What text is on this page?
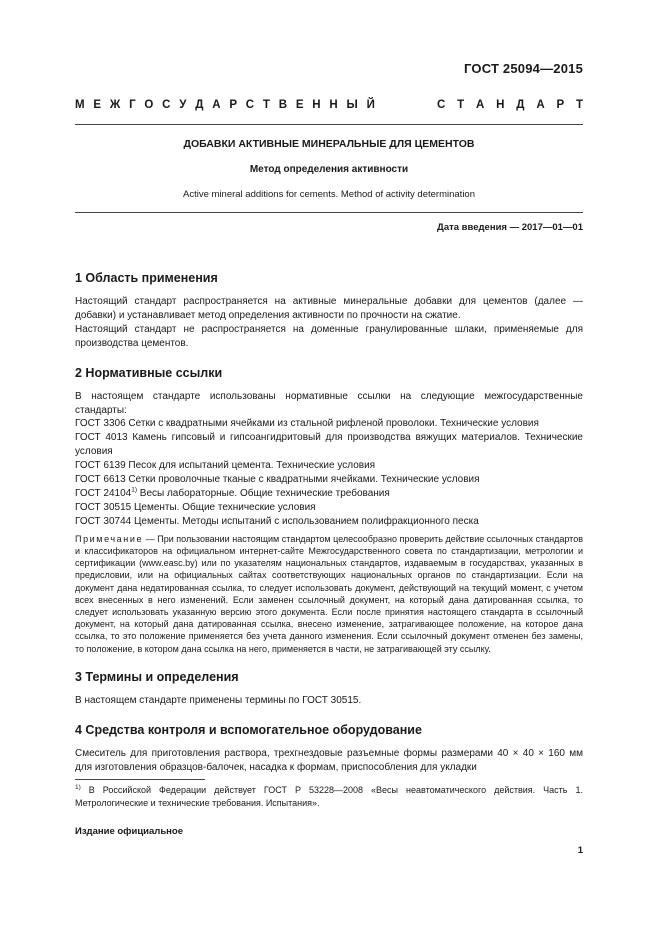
ГОСТ 25094—2015
М Е Ж Г О С У Д А Р С Т В Е Н Н Ы Й	С Т А Н Д А Р Т
ДОБАВКИ АКТИВНЫЕ МИНЕРАЛЬНЫЕ ДЛЯ ЦЕМЕНТОВ
Метод определения активности
Active mineral additions for cements. Method of activity determination
Дата введения — 2017—01—01
1 Область применения

Настоящий стандарт распространяется на активные минеральные добавки для цементов (далее — добавки) и устанавливает метод определения активности по прочности на сжатие.

Настоящий стандарт не распространяется на доменные гранулированные шлаки, применяемые для производства цементов.

2 Нормативные ссылки

В настоящем стандарте использованы нормативные ссылки на следующие межгосударственные стандарты:

ГОСТ 3306 Сетки с квадратными ячейками из стальной рифленой проволоки. Технические условия

ГОСТ 4013 Камень гипсовый и гипсоангидритовый для производства вяжущих материалов. Технические условия

ГОСТ 6139 Песок для испытаний цемента. Технические условия

ГОСТ 6613 Сетки проволочные тканые с квадратными ячейками. Технические условия

ГОСТ 24104$^{1)}$ Весы лабораторные. Общие технические требования

ГОСТ 30515 Цементы. Общие технические условия

ГОСТ 30744 Цементы. Методы испытаний с использованием полифракционного песка

Примечание — При пользовании настоящим стандартом целесообразно проверить действие ссылочных стандартов и классификаторов на официальном интернет-сайте Межгосударственного совета по стандартизации, метрологии и сертификации (www.easc.by) или по указателям национальных стандартов, издаваемым в государствах, указанных в предисловии, или на официальных сайтах соответствующих национальных органов по стандартизации. Если на документ дана недатированная ссылка, то следует использовать документ, действующий на текущий момент, с учетом всех внесенных в него изменений. Если заменен ссылочный документ, на который дана датированная ссылка, то следует использовать указанную версию этого документа. Если после принятия настоящего стандарта в ссылочный документ, на который дана датированная ссылка, внесено изменение, затрагивающее положение, на которое дана ссылка, то это положение применяется без учета данного изменения. Если ссылочный документ отменен без замены, то положение, в котором дана ссылка на него, применяется в части, не затрагивающей эту ссылку.

3 Термины и определения

В настоящем стандарте применены термины по ГОСТ 30515.

4 Средства контроля и вспомогательное оборудование

Смеситель для приготовления раствора, трехгнездовые разъемные формы размерами 40 × 40 × 160 мм для изготовления образцов-балочек, насадка к формам, приспособления для укладки

$^{1)}$ В Российской Федерации действует ГОСТ Р 53228—2008 «Весы неавтоматического действия. Часть 1. Метрологические и технические требования. Испытания».
Издание официальное
1
